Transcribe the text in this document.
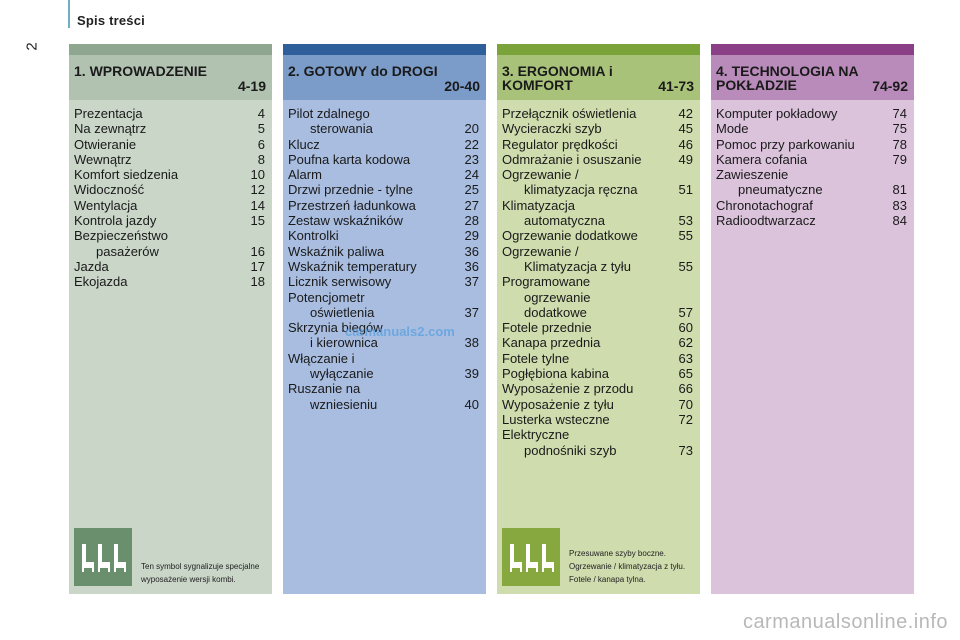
Spis treści
2
1. WPROWADZENIE
4-19
Prezentacja	4
Na zewnątrz	5
Otwieranie	6
Wewnątrz	8
Komfort siedzenia	10
Widoczność	12
Wentylacja	14
Kontrola jazdy	15
Bezpieczeństwo
pasażerów	16
Jazda	17
Ekojazda	18
Ten symbol sygnalizuje specjalne wyposażenie wersji kombi.
2. GOTOWY do DROGI
20-40
Pilot zdalnego
sterowania	20
Klucz	22
Poufna karta kodowa	23
Alarm	24
Drzwi przednie - tylne	25
Przestrzeń ładunkowa	27
Zestaw wskaźników	28
Kontrolki	29
Wskaźnik paliwa	36
Wskaźnik temperatury	36
Licznik serwisowy	37
Potencjometr
oświetlenia	37
Skrzynia biegów
i kierownica	38
Włączanie i
wyłączanie	39
Ruszanie na
wzniesieniu	40
3. ERGONOMIA i
KOMFORT	41-73
Przełącznik oświetlenia	42
Wycieraczki szyb	45
Regulator prędkości	46
Odmrażanie i osuszanie	49
Ogrzewanie /
klimatyzacja ręczna	51
Klimatyzacja
automatyczna	53
Ogrzewanie dodatkowe	55
Ogrzewanie /
Klimatyzacja z tyłu	55
Programowane
ogrzewanie
dodatkowe	57
Fotele przednie	60
Kanapa przednia	62
Fotele tylne	63
Pogłębiona kabina	65
Wyposażenie z przodu	66
Wyposażenie z tyłu	70
Lusterka wsteczne	72
Elektryczne
podnośniki szyb	73
Przesuwane szyby boczne. Ogrzewanie / klimatyzacja z tyłu. Fotele / kanapa tylna.
4. TECHNOLOGIA NA
POKŁADZIE	74-92
Komputer pokładowy	74
Mode	75
Pomoc przy parkowaniu	78
Kamera cofania	79
Zawieszenie
pneumatyczne	81
Chronotachograf	83
Radioodtwarzacz	84
carmanuals2.com
carmanualsonline.info
